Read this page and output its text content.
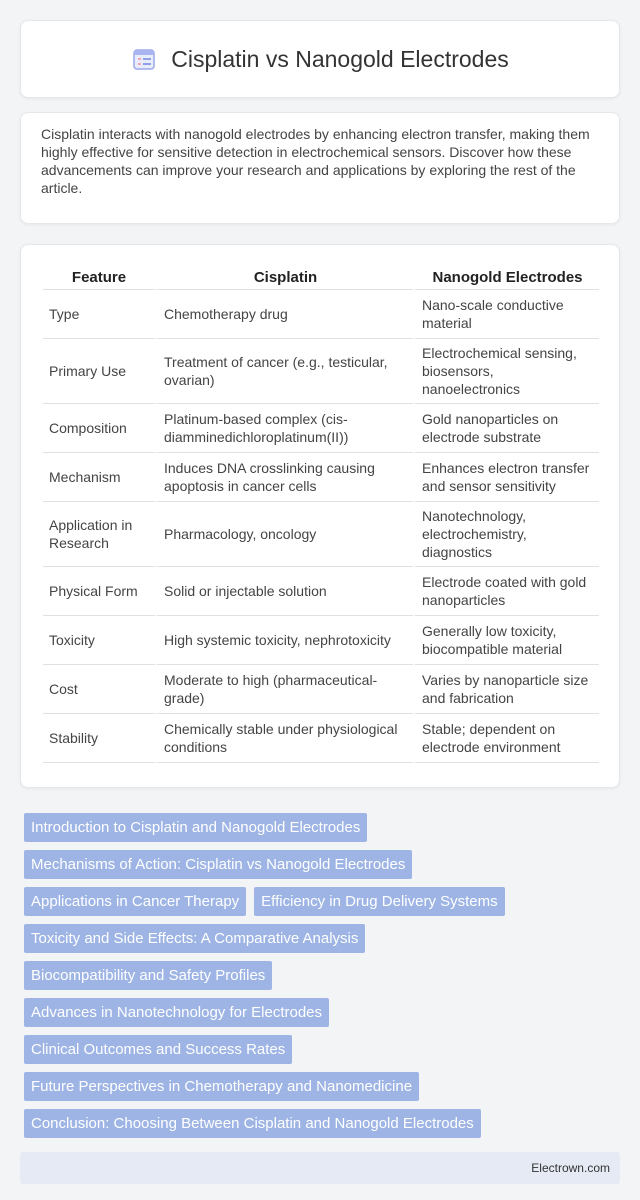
Cisplatin vs Nanogold Electrodes

Cisplatin interacts with nanogold electrodes by enhancing electron transfer, making them highly effective for sensitive detection in electrochemical sensors. Discover how these advancements can improve your research and applications by exploring the rest of the article.

Feature	Cisplatin	Nanogold Electrodes
Type	Chemotherapy drug	Nano-scale conductive material
Primary Use	Treatment of cancer (e.g., testicular, ovarian)	Electrochemical sensing, biosensors, nanoelectronics
Composition	Platinum-based complex (cis-diamminedichloroplatinum(II))	Gold nanoparticles on electrode substrate
Mechanism	Induces DNA crosslinking causing apoptosis in cancer cells	Enhances electron transfer and sensor sensitivity
Application in Research	Pharmacology, oncology	Nanotechnology, electrochemistry, diagnostics
Physical Form	Solid or injectable solution	Electrode coated with gold nanoparticles
Toxicity	High systemic toxicity, nephrotoxicity	Generally low toxicity, biocompatible material
Cost	Moderate to high (pharmaceutical-grade)	Varies by nanoparticle size and fabrication
Stability	Chemically stable under physiological conditions	Stable; dependent on electrode environment
Introduction to Cisplatin and Nanogold Electrodes
Mechanisms of Action: Cisplatin vs Nanogold Electrodes
Applications in Cancer Therapy	Efficiency in Drug Delivery Systems
Toxicity and Side Effects: A Comparative Analysis
Biocompatibility and Safety Profiles
Advances in Nanotechnology for Electrodes
Clinical Outcomes and Success Rates
Future Perspectives in Chemotherapy and Nanomedicine
Conclusion: Choosing Between Cisplatin and Nanogold Electrodes
Electrown.com
